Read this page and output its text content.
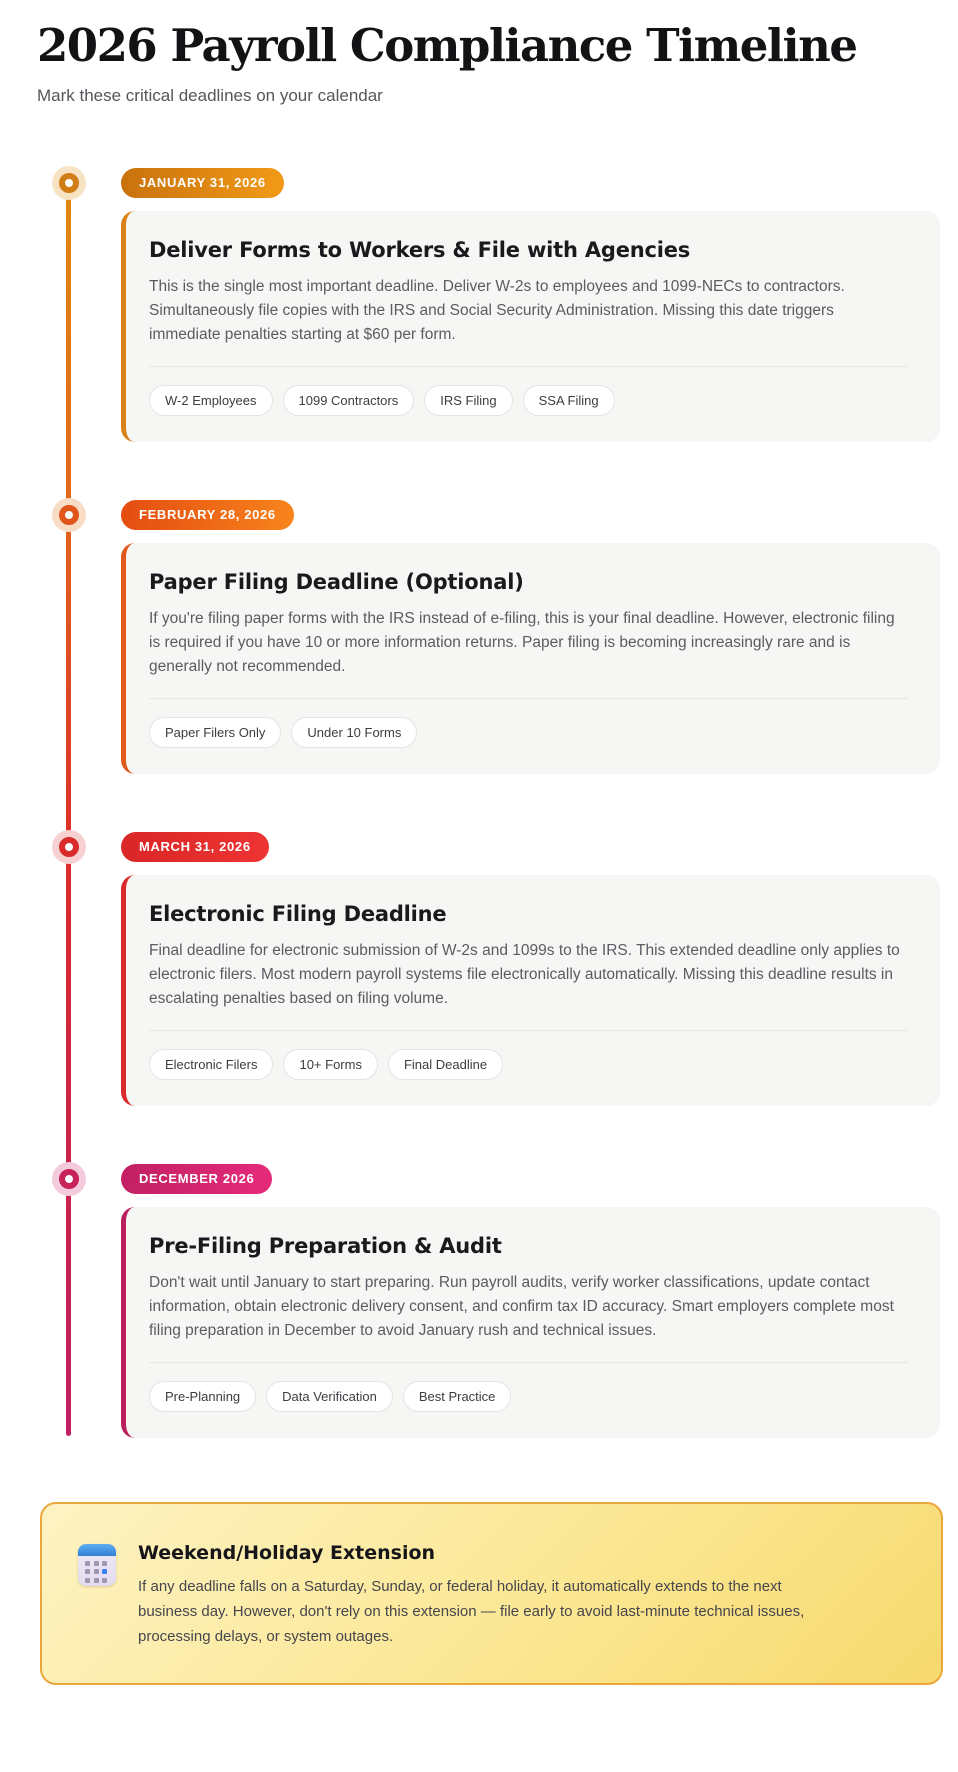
2026 Payroll Compliance Timeline
Mark these critical deadlines on your calendar
JANUARY 31, 2026
Deliver Forms to Workers & File with Agencies

This is the single most important deadline. Deliver W-2s to employees and 1099-NECs to contractors. Simultaneously file copies with the IRS and Social Security Administration. Missing this date triggers immediate penalties starting at $60 per form.

W-2 Employees	1099 Contractors	IRS Filing	SSA Filing
FEBRUARY 28, 2026
Paper Filing Deadline (Optional)

If you're filing paper forms with the IRS instead of e-filing, this is your final deadline. However, electronic filing is required if you have 10 or more information returns. Paper filing is becoming increasingly rare and is generally not recommended.

Paper Filers Only	Under 10 Forms
MARCH 31, 2026
Electronic Filing Deadline

Final deadline for electronic submission of W-2s and 1099s to the IRS. This extended deadline only applies to electronic filers. Most modern payroll systems file electronically automatically. Missing this deadline results in escalating penalties based on filing volume.

Electronic Filers	10+ Forms	Final Deadline
DECEMBER 2026
Pre-Filing Preparation & Audit

Don't wait until January to start preparing. Run payroll audits, verify worker classifications, update contact information, obtain electronic delivery consent, and confirm tax ID accuracy. Smart employers complete most filing preparation in December to avoid January rush and technical issues.

Pre-Planning	Data Verification	Best Practice
Weekend/Holiday Extension

If any deadline falls on a Saturday, Sunday, or federal holiday, it automatically extends to the next business day. However, don't rely on this extension — file early to avoid last-minute technical issues, processing delays, or system outages.
